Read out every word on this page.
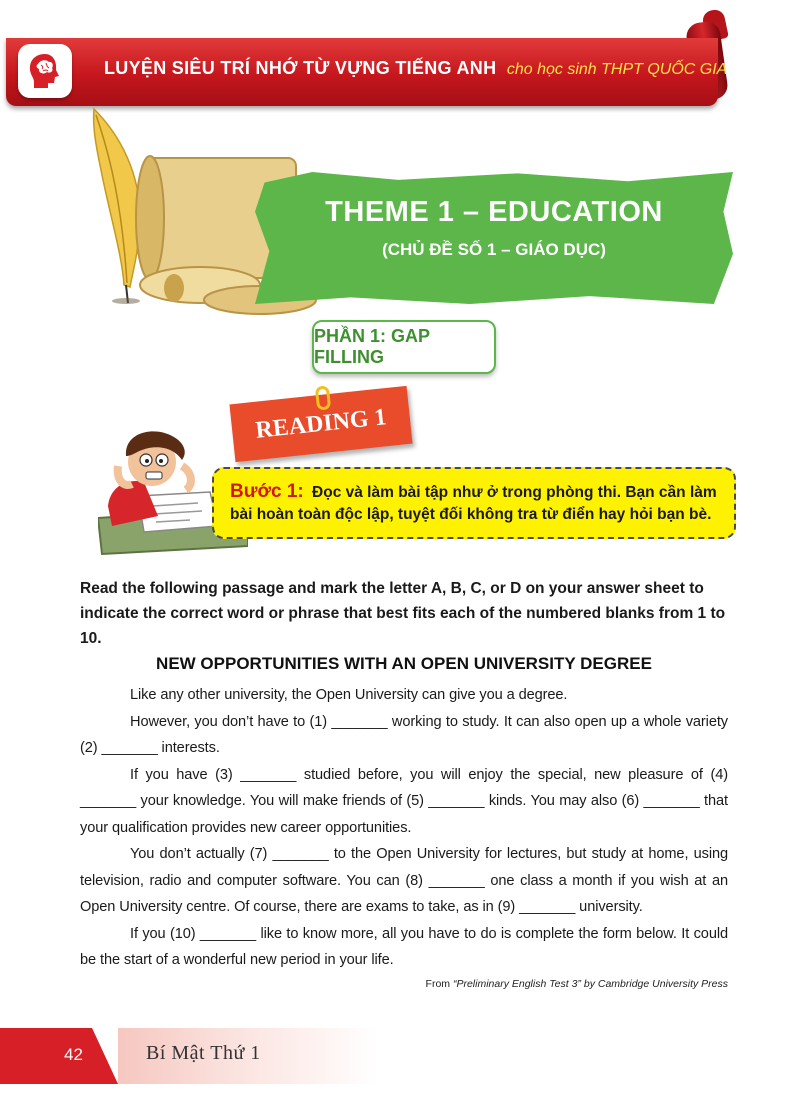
LUYỆN SIÊU TRÍ NHỚ TỪ VỰNG TIẾNG ANH cho học sinh THPT QUỐC GIA
THEME 1 – EDUCATION
(CHỦ ĐỀ SỐ 1 – GIÁO DỤC)
PHẦN 1: GAP FILLING
READING 1
Bước 1: Đọc và làm bài tập như ở trong phòng thi. Bạn cần làm bài hoàn toàn độc lập, tuyệt đối không tra từ điển hay hỏi bạn bè.
Read the following passage and mark the letter A, B, C, or D on your answer sheet to indicate the correct word or phrase that best fits each of the numbered blanks from 1 to 10.
NEW OPPORTUNITIES WITH AN OPEN UNIVERSITY DEGREE

Like any other university, the Open University can give you a degree.

However, you don’t have to (1) _______ working to study. It can also open up a whole variety (2) _______ interests.

If you have (3) _______ studied before, you will enjoy the special, new pleasure of (4) _______ your knowledge. You will make friends of (5) _______ kinds. You may also (6) _______ that your qualification provides new career opportunities.

You don’t actually (7) _______ to the Open University for lectures, but study at home, using television, radio and computer software. You can (8) _______ one class a month if you wish at an Open University centre. Of course, there are exams to take, as in (9) _______ university.

If you (10) _______ like to know more, all you have to do is complete the form below. It could be the start of a wonderful new period in your life.

From “Preliminary English Test 3” by Cambridge University Press
42	Bí Mật Thứ 1
